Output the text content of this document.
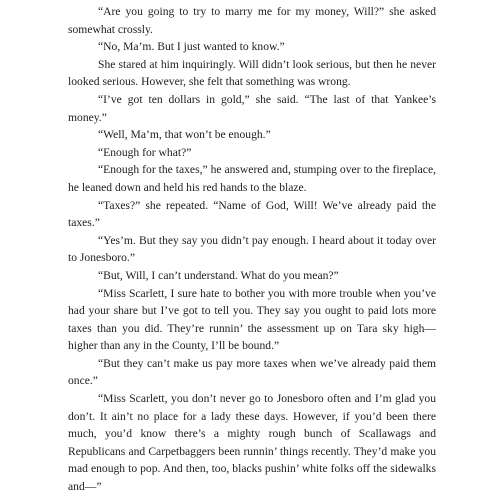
“Are you going to try to marry me for my money, Will?” she asked somewhat crossly.

“No, Ma’m. But I just wanted to know.”

She stared at him inquiringly. Will didn’t look serious, but then he never looked serious. However, she felt that something was wrong.

“I’ve got ten dollars in gold,” she said. “The last of that Yankee’s money.”

“Well, Ma’m, that won’t be enough.”

“Enough for what?”

“Enough for the taxes,” he answered and, stumping over to the fireplace, he leaned down and held his red hands to the blaze.

“Taxes?” she repeated. “Name of God, Will! We’ve already paid the taxes.”

“Yes’m. But they say you didn’t pay enough. I heard about it today over to Jonesboro.”

“But, Will, I can’t understand. What do you mean?”

“Miss Scarlett, I sure hate to bother you with more trouble when you’ve had your share but I’ve got to tell you. They say you ought to paid lots more taxes than you did. They’re runnin’ the assessment up on Tara sky high—higher than any in the County, I’ll be bound.”

“But they can’t make us pay more taxes when we’ve already paid them once.”

“Miss Scarlett, you don’t never go to Jonesboro often and I’m glad you don’t. It ain’t no place for a lady these days. However, if you’d been there much, you’d know there’s a mighty rough bunch of Scallawags and Republicans and Carpetbaggers been runnin’ things recently. They’d make you mad enough to pop. And then, too, blacks pushin’ white folks off the sidewalks and—”
